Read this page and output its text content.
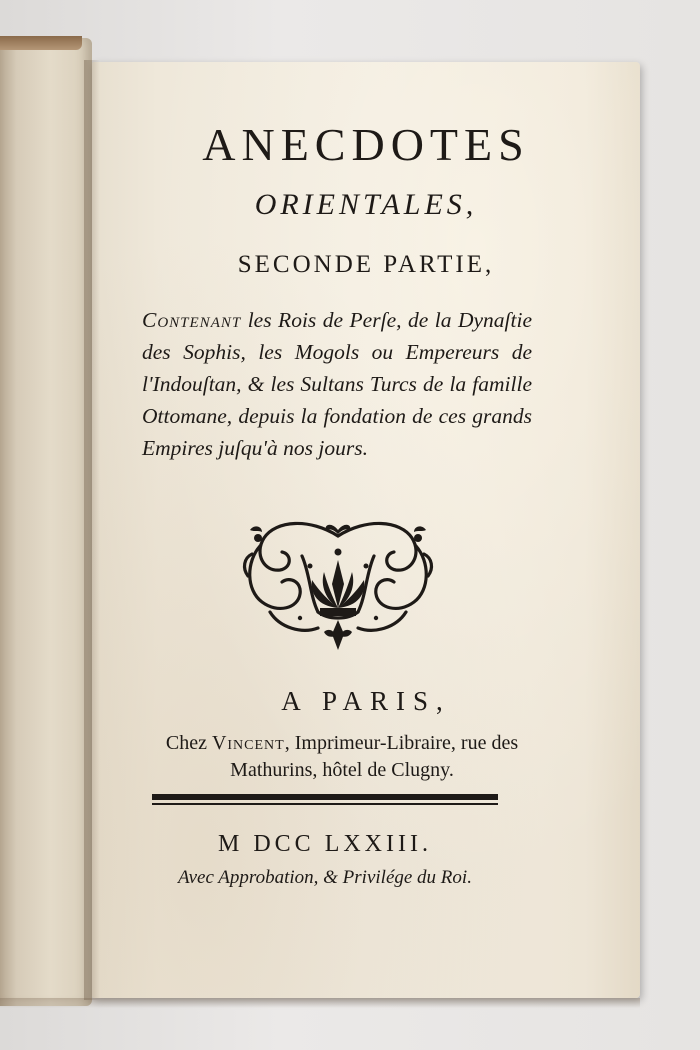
ANECDOTES
ORIENTALES,
SECONDE PARTIE,
Contenant les Rois de Perſe, de la Dynaſtie des Sophis, les Mogols ou Empereurs de l'Indouſtan, & les Sultans Turcs de la famille Ottomane, depuis la fondation de ces grands Empires juſqu'à nos jours.
A PARIS,
Chez Vincent, Imprimeur-Libraire, rue des Mathurins, hôtel de Clugny.
M DCC LXXIII.
Avec Approbation, & Privilége du Roi.
